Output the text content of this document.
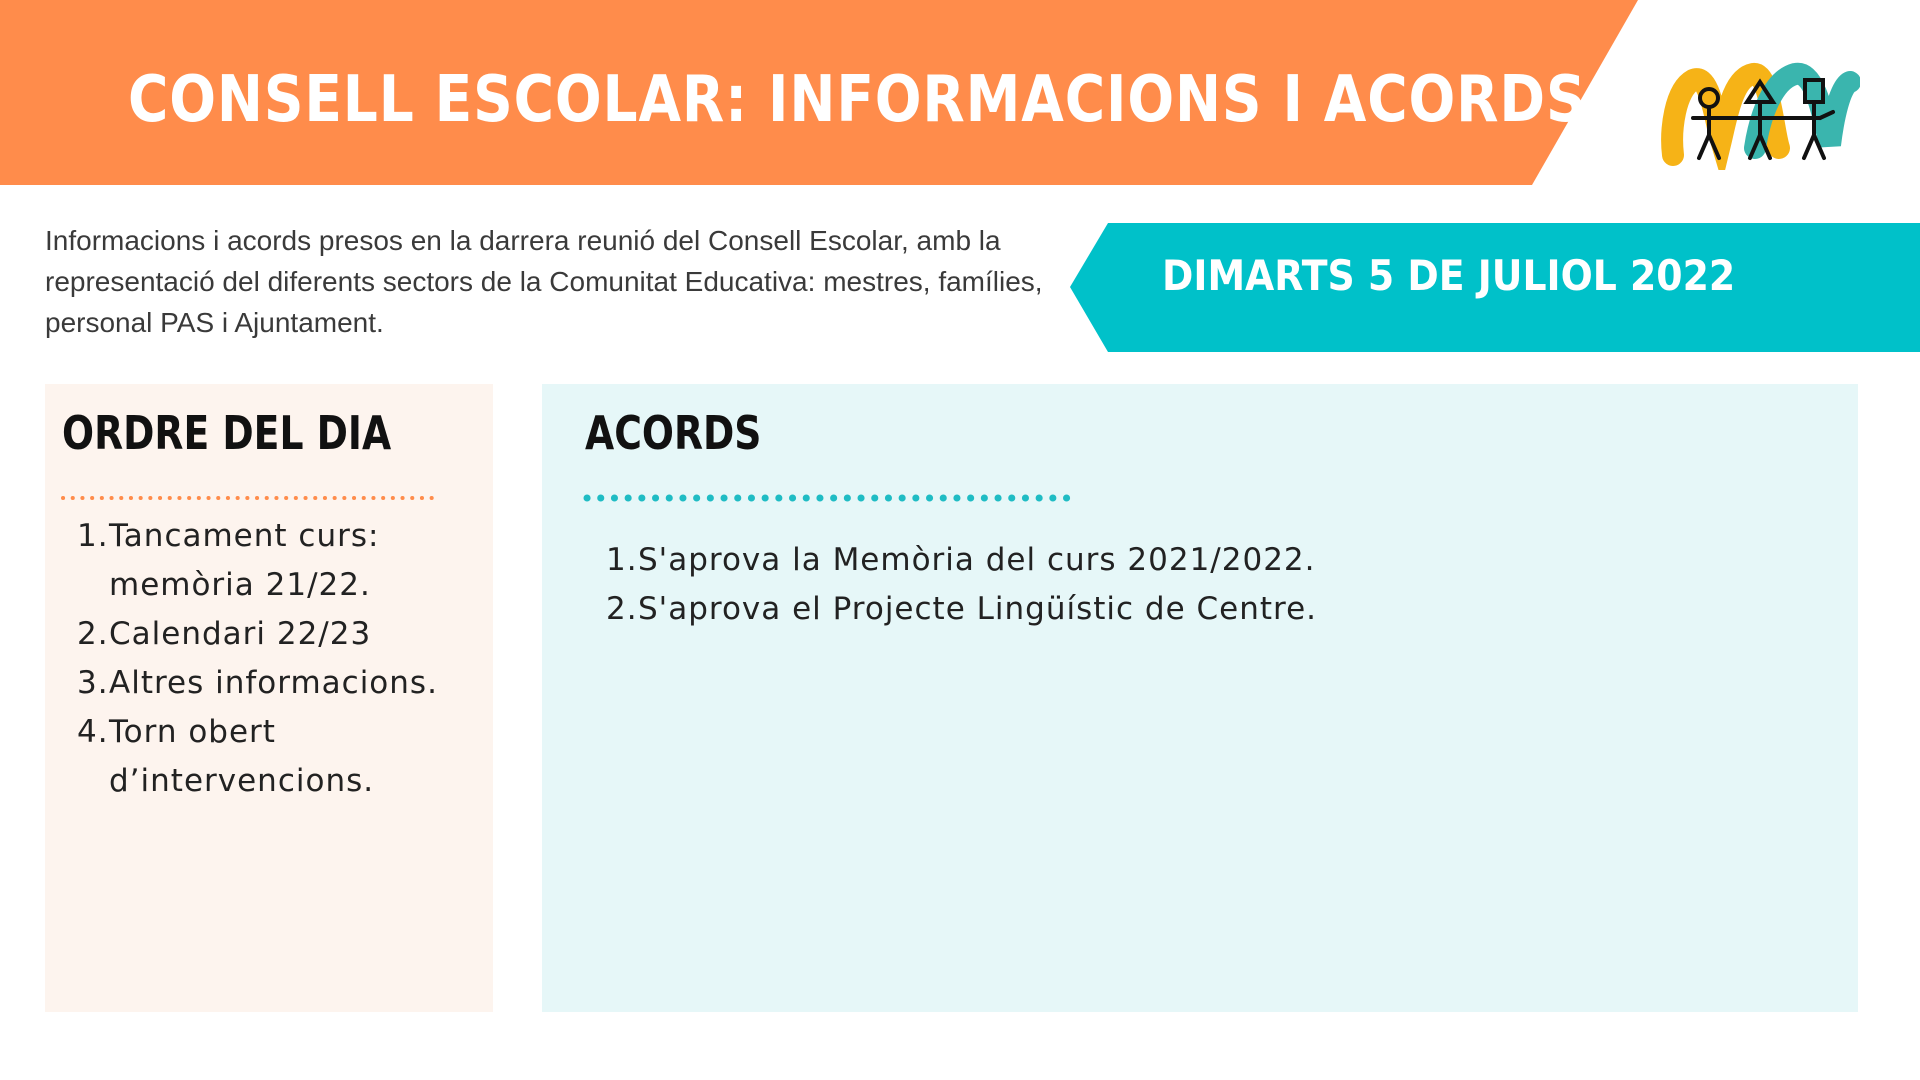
CONSELL ESCOLAR: INFORMACIONS I ACORDS

Informacions i acords presos en la darrera reunió del Consell Escolar, amb la representació del diferents sectors de la Comunitat Educativa: mestres, famílies, personal PAS i Ajuntament.

DIMARTS 5 DE JULIOL 2022
ORDRE DEL DIA
1. Tancament curs: memòria 21/22.
2. Calendari 22/23
3. Altres informacions.
4. Torn obert d’intervencions.
ACORDS
1. S'aprova la Memòria del curs 2021/2022.
2. S'aprova el Projecte Lingüístic de Centre.
